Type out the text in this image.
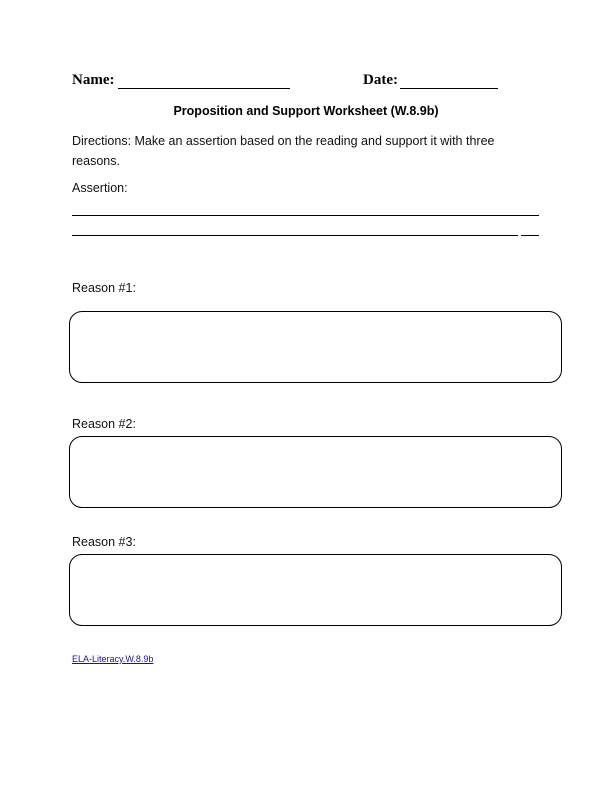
Name:	Date:
Proposition and Support Worksheet (W.8.9b)
Directions: Make an assertion based on the reading and support it with three reasons.
Assertion:
Reason #1:
Reason #2:
Reason #3:
ELA-Literacy.W.8.9b
